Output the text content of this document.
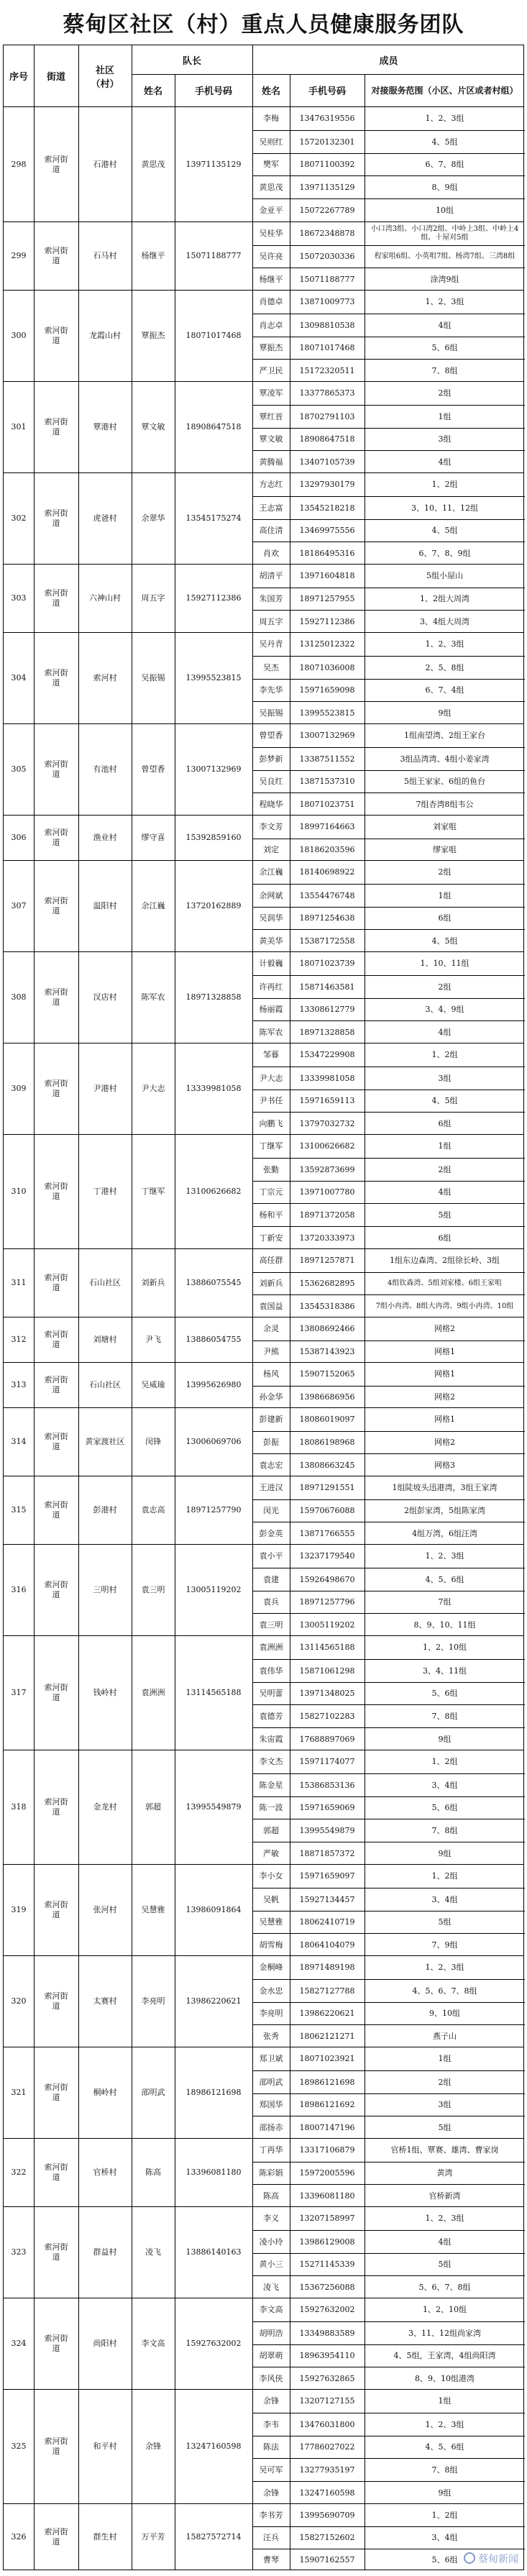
蔡甸区社区（村）重点人员健康服务团队
序号	街道
社区（村）
队长	成员
姓名	手机号码	姓名	手机号码	对接服务范围（小区、片区或者村组）
298
索河街道
石港村	黄思茂	13971135129
李梅	13476319556	1、2、3组
吴则红	15720132301	4、5组
樊军	18071100392	6、7、8组
黄思茂	13971135129	8、9组
金亚平	15072267789	10组
299
索河街道
石马村	杨继平	15071188777
吴桂华	18672348878	小口湾3组、小口湾2组、中岭上3组、中岭上4组、十屋对5组
吴许亮	15072030336	程家咀6组、小英咀7组、杨湾7组、三湾8组
杨继平	15071188777	涂湾9组
300
索河街道
龙霞山村	覃振杰	18071017468
肖德卓	13871009773	1、2、3组
肖志卓	13098810538	4组
覃振杰	18071017468	5、6组
严卫民	15172320511	7、8组
301
索河街道
覃港村	覃文敏	18908647518
覃凌军	13377865373	2组
覃红晋	18702791103	1组
覃文敏	18908647518	3组
黄腾福	13407105739	4组
302
索河街道
虎爸村	余翠华	13545175274
方志红	13297930179	1、2组
王志富	13545218218	3、10、11、12组
高住清	13469975556	4、5组
肖欢	18186495316	6、7、8、9组
303
索河街道
六神山村	周五字	15927112386
胡清平	13971604818	5组小屋山
朱国芳	18971257955	1、2组大周湾
周五字	15927112386	3、4组大周湾
304
索河街道
索河村	吴振锡	13995523815
吴丹青	13125012322	1、2、3组
吴杰	18071036008	2、5、8组
李先华	15971659098	6、7、4组
吴振锡	13995523815	9组
305
索河街道
有池村	曾望香	13007132969
曾望香	13007132969	1组南望湾、2组王家台
彭梦新	13387511552	3组品湾湾、4组小姜家湾
吴良红	13871537310	5组王家家、6组的鱼台
程晓华	18071023751	7组杏湾8组韦公
306
索河街道
渔业村	缪守喜	15392859160
李文芳	18997164663	刘家咀
刘定	18186203596	缪家咀
307
索河街道
温阳村	余江巍	13720162889
余江巍	18140698922	2组
余网斌	13554476748	1组
吴润华	18971254638	6组
黄美华	15387172558	4、5组
308
索河街道
汊店村	陈军农	18971328858
计毅巍	18071023739	1、10、11组
许再红	15871463581	2组
杨丽霞	13308612779	3、4、9组
陈军农	18971328858	4组
309
索河街道
尹港村	尹大志	13339981058
邹暮	15347229908	1、2组
尹大志	13339981058	3组
尹书任	15971659113	4、5组
向鹏飞	13797032732	6组
310
索河街道
丁港村	丁继军	13100626682
丁继军	13100626682	1组
张勤	13592873699	2组
丁宗元	13971007780	4组
杨和平	18971372058	5组
丁新安	13720333973	6组
311
索河街道
石山社区	刘新兵	13886075545
高任群	18971257871	1组东边森湾、2组徐长岭、3组
刘新兵	15362682895	4组钦森湾、5组刘家楼、6组王家咀
袁国益	13545318386	7组小冉湾、8组大冉湾、9组小冉湾、10组
312
索河街道
刘塘村	尹飞	13886054755
余灵	13808692466	网格2
尹熊	15387143923	网格1
313
索河街道
石山社区	吴威瑜	13995626980
杨风	15907152065	网格1
孙金华	13986686956	网格2
314
索河街道
黄家渡社区	闵锋	13006069706
彭建新	18086019097	网格1
彭振	18086198968	网格2
袁志宏	13808663245	网格3
315
索河街道
彭港村	袁志高	18971257790
王进汉	18971291551	1组陡坡头迅港湾，3组王家湾
闵光	15970676088	2组彭家湾，5组陈家湾
彭金英	13871766555	4组万湾，6组汪湾
316
索河街道
三明村	袁三明	13005119202
袁小平	13237179540	1、2、3组
袁建	15926498670	4、5、6组
袁兵	18971257796	7组
袁三明	13005119202	8、9、10、11组
317
索河街道
钱岭村	袁洲洲	13114565188
袁洲洲	13114565188	1、2、10组
袁伟华	15871061298	3、4、11组
吴明蕾	13971348025	5、6组
袁德芳	15827102283	7、8组
朱宙霞	17688897069	9组
318
索河街道
金龙村	郭超	13995549879
李文杰	15971174077	1、2组
陈金星	15386853136	3、4组
陈一波	15971659069	5、6组
郭超	13995549879	7、8组
严敏	18871857372	9组
319
索河街道
张河村	吴慧雅	13986091864
李小女	15971659097	1、2组
吴帆	15927134457	3、4组
吴慧雅	18062410719	5组
胡雪梅	18064104079	7、9组
320
索河街道
太赛村	李亮明	13986220621
金桐峰	18971489198	1、2、3组
金水忠	15827127788	4、5、6、7、8组
李亮明	13986220621	9、10组
张秀	18062121271	燕子山
321
索河街道
桐岭村	邵明武	18986121698
郑卫斌	18071023921	1组
邵明武	18986121698	2组
郑国华	18986121692	3组
邵扬赤	18007147196	5组
322
索河街道
官桥村	陈高	13396081180
丁再华	13317106879	官桥1组、覃赛、雄湾、曹家岗
陈彩娟	15972005596	黄湾
陈高	13396081180	官桥新湾
323
索河街道
群益村	凌飞	13886140163
李义	13207158997	1、2、3组
凌小玲	13986129008	4组
黄小三	15271145339	5组
凌飞	15367256088	5、6、7、8组
324
索河街道
尚阳村	李文高	15927632002
李文高	15927632002	1、2、10组
胡明浩	13349883589	3、11、12组尚家湾
胡翠萌	18963954110	4、5组，王家湾，4组尚阳湾
李风侠	15927632865	8、9、10组港湾
325
索河街道
和平村	余锋	13247160598
余锋	13207127155	1组
李韦	13476031800	1、2、3组
陈法	17786027022	4、5、6组
吴可军	13277935197	7、8组
余锋	13247160598	9组
326
索河街道
群生村	万平芳	15827572714
李书芳	13995690709	1、2组
汪兵	15827152602	3、4组
曹琴	15907162557	5、6组	蔡甸新闻
